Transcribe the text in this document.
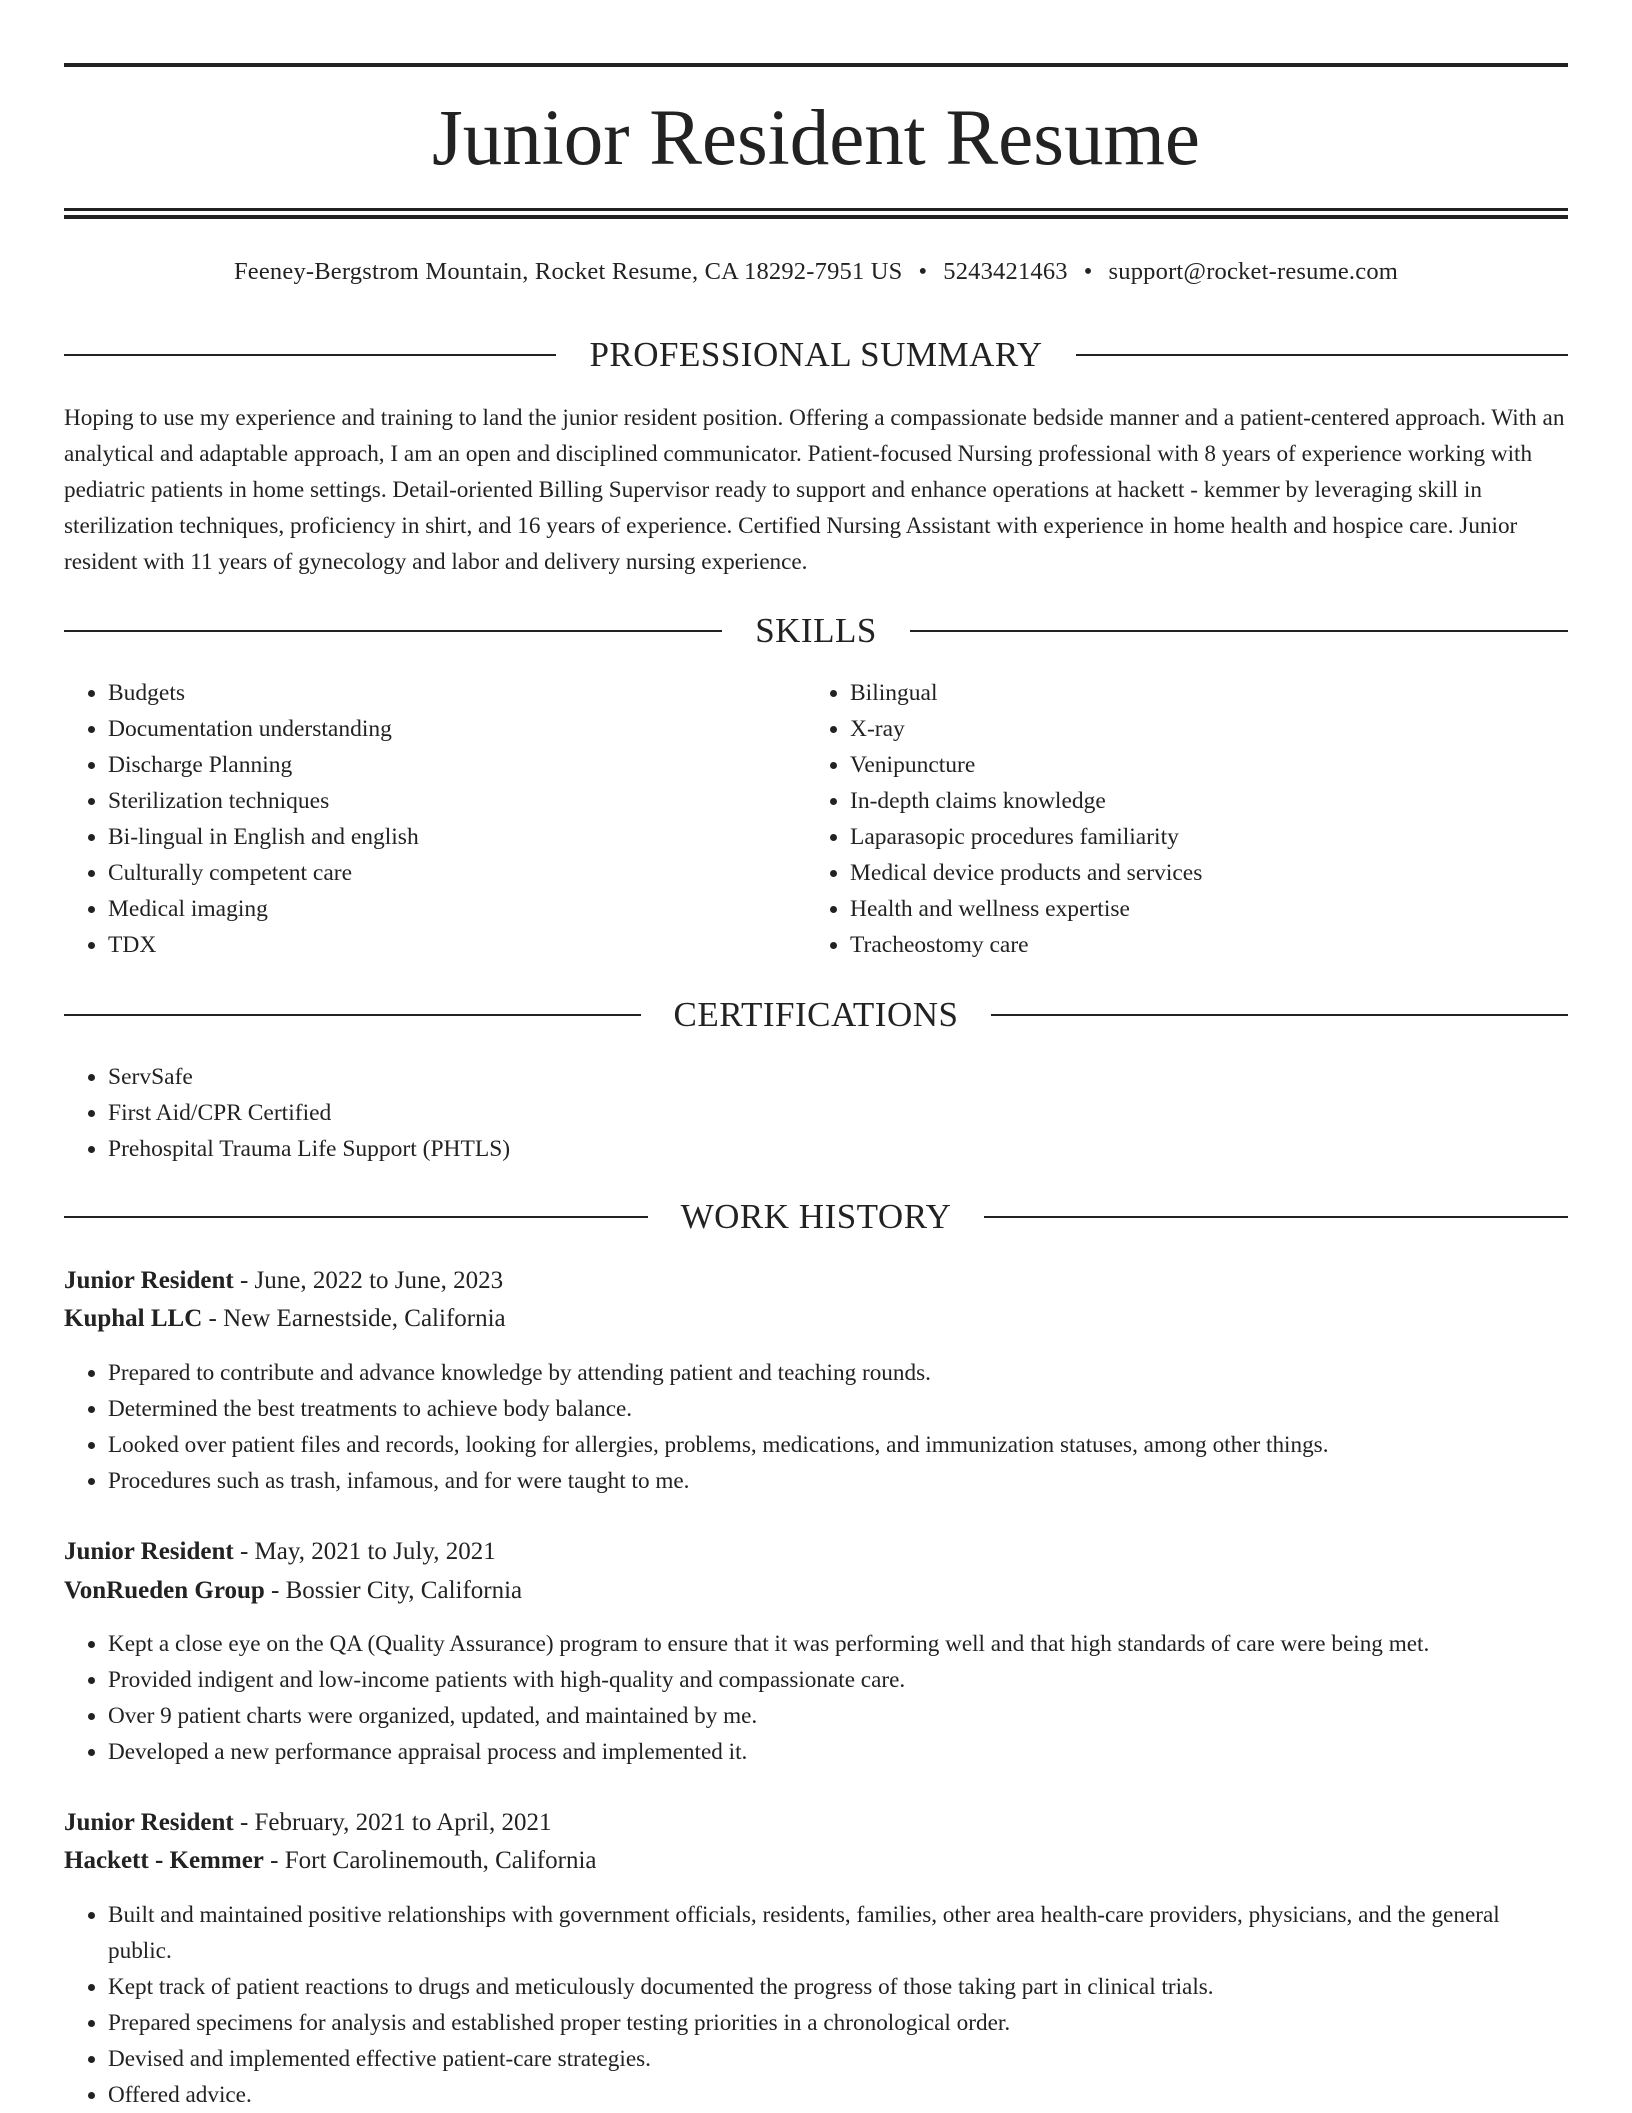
Junior Resident Resume
Feeney-Bergstrom Mountain, Rocket Resume, CA 18292-7951 US • 5243421463 • support@rocket-resume.com
PROFESSIONAL SUMMARY

Hoping to use my experience and training to land the junior resident position. Offering a compassionate bedside manner and a patient-centered approach. With an analytical and adaptable approach, I am an open and disciplined communicator. Patient-focused Nursing professional with 8 years of experience working with pediatric patients in home settings. Detail-oriented Billing Supervisor ready to support and enhance operations at hackett - kemmer by leveraging skill in sterilization techniques, proficiency in shirt, and 16 years of experience. Certified Nursing Assistant with experience in home health and hospice care. Junior resident with 11 years of gynecology and labor and delivery nursing experience.

SKILLS
• Budgets
• Documentation understanding
• Discharge Planning
• Sterilization techniques
• Bi-lingual in English and english
• Culturally competent care
• Medical imaging
• TDX
• Bilingual
• X-ray
• Venipuncture
• In-depth claims knowledge
• Laparasopic procedures familiarity
• Medical device products and services
• Health and wellness expertise
• Tracheostomy care
CERTIFICATIONS
• ServSafe
• First Aid/CPR Certified
• Prehospital Trauma Life Support (PHTLS)
WORK HISTORY
Junior Resident - June, 2022 to June, 2023
Kuphal LLC - New Earnestside, California
• Prepared to contribute and advance knowledge by attending patient and teaching rounds.
• Determined the best treatments to achieve body balance.
• Looked over patient files and records, looking for allergies, problems, medications, and immunization statuses, among other things.
• Procedures such as trash, infamous, and for were taught to me.
Junior Resident - May, 2021 to July, 2021
VonRueden Group - Bossier City, California
• Kept a close eye on the QA (Quality Assurance) program to ensure that it was performing well and that high standards of care were being met.
• Provided indigent and low-income patients with high-quality and compassionate care.
• Over 9 patient charts were organized, updated, and maintained by me.
• Developed a new performance appraisal process and implemented it.
Junior Resident - February, 2021 to April, 2021
Hackett - Kemmer - Fort Carolinemouth, California
• Built and maintained positive relationships with government officials, residents, families, other area health-care providers, physicians, and the general public.
• Kept track of patient reactions to drugs and meticulously documented the progress of those taking part in clinical trials.
• Prepared specimens for analysis and established proper testing priorities in a chronological order.
• Devised and implemented effective patient-care strategies.
• Offered advice.
